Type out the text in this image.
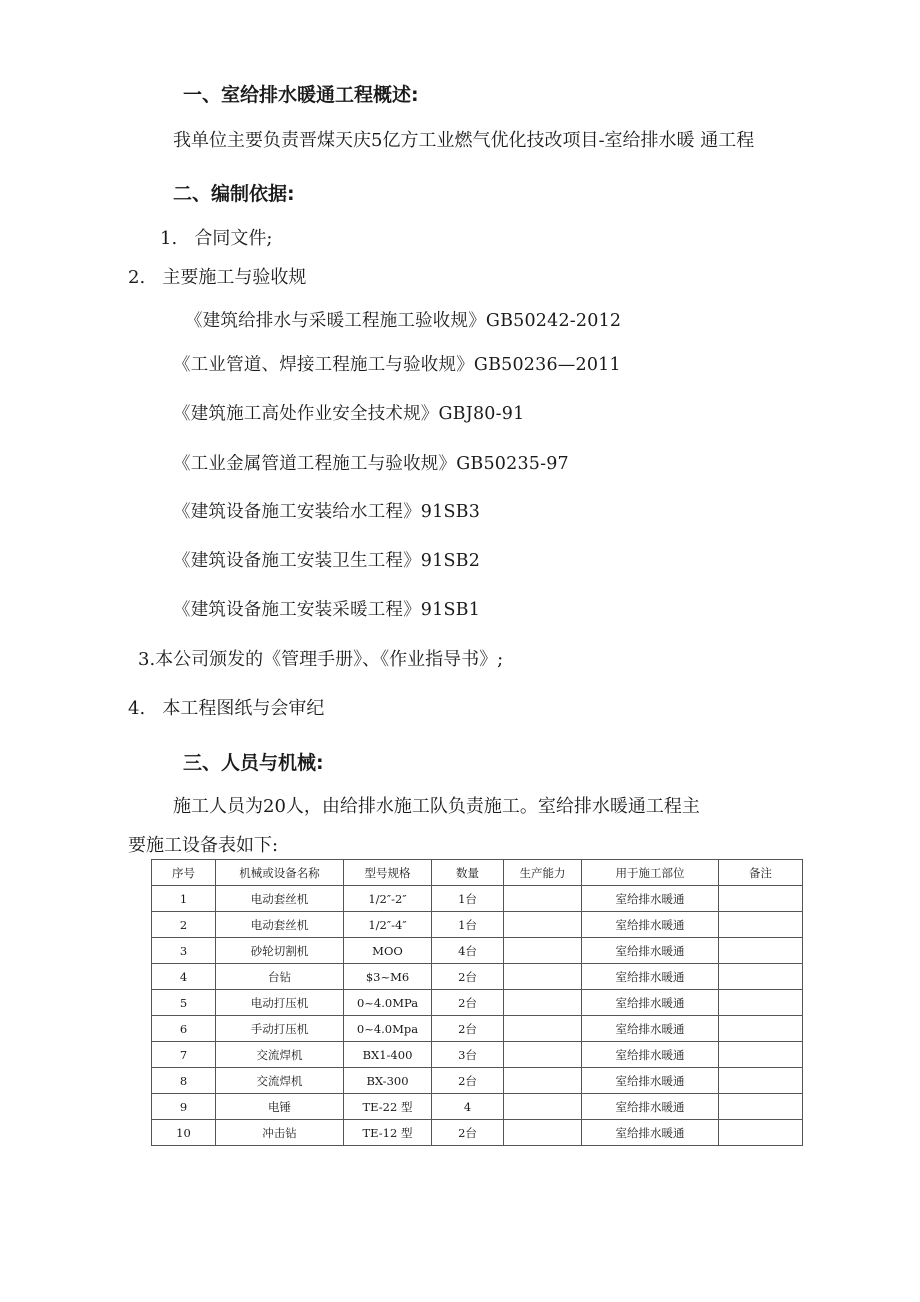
一、室给排水暖通工程概述:
我单位主要负责晋煤天庆5亿方工业燃气优化技改项目-室给排水暖 通工程
二、编制依据:
1.   合同文件;
2.   主要施工与验收规
《建筑给排水与采暖工程施工验收规》GB50242-2012
《工业管道、焊接工程施工与验收规》GB50236—2011
《建筑施工高处作业安全技术规》GBJ80-91
《工业金属管道工程施工与验收规》GB50235-97
《建筑设备施工安装给水工程》91SB3
《建筑设备施工安装卫生工程》91SB2
《建筑设备施工安装采暖工程》91SB1
3.本公司颁发的《管理手册》、《作业指导书》;
4.   本工程图纸与会审纪
三、人员与机械:
施工人员为20人，由给排水施工队负责施工。室给排水暖通工程主
要施工设备表如下:
序号	机械或设备名称	型号规格	数量	生产能力	用于施工部位	备注
1	电动套丝机	1/2″-2″	1台		室给排水暖通	
2	电动套丝机	1/2″-4″	1台		室给排水暖通	
3	砂轮切割机	MOO	4台		室给排水暖通	
4	台钻	$3~M6	2台		室给排水暖通	
5	电动打压机	0~4.0MPa	2台		室给排水暖通	
6	手动打压机	0~4.0Mpa	2台		室给排水暖通	
7	交流焊机	BX1-400	3台		室给排水暖通	
8	交流焊机	BX-300	2台		室给排水暖通	
9	电锤	TE-22 型	4		室给排水暖通	
10	冲击钻	TE-12 型	2台		室给排水暖通	
